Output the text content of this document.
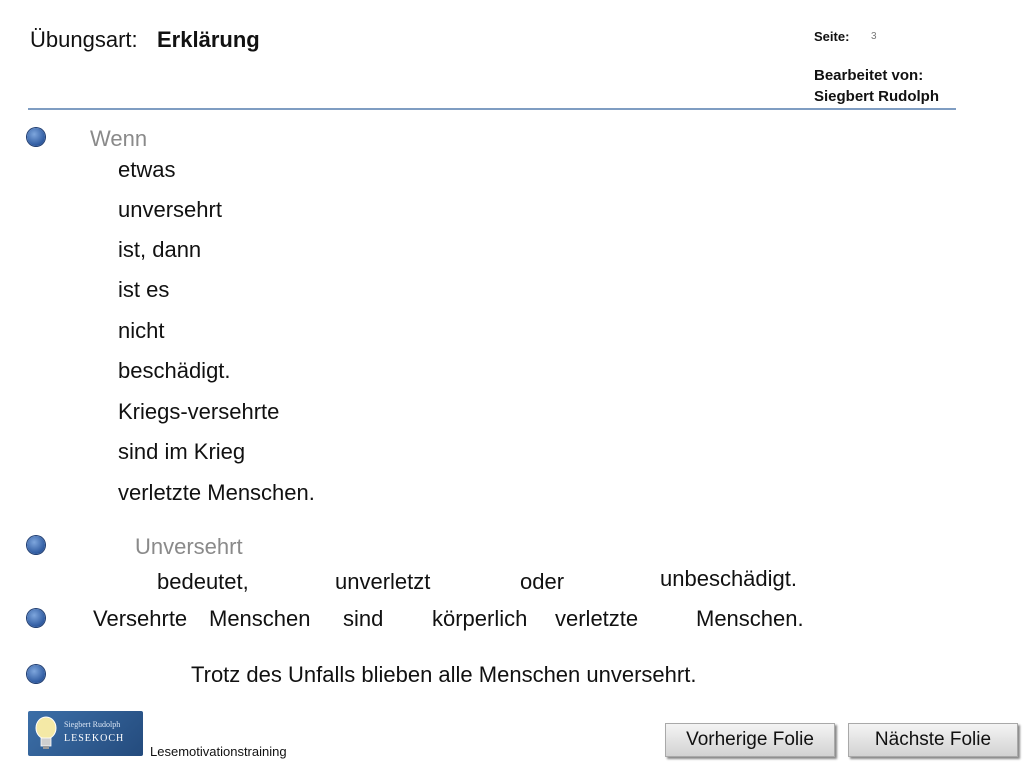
Übungsart: Erklärung	Seite: 3
Bearbeitet von:
Siegbert Rudolph
Wenn
etwas
unversehrt
ist, dann
ist es
nicht
beschädigt.
Kriegs-versehrte
sind im Krieg
verletzte Menschen.
Unversehrt
bedeutet,	unverletzt	oder	unbeschädigt.
Versehrte Menschen sind körperlich verletzte	Menschen.
Trotz des Unfalls blieben alle Menschen unversehrt.
Siegbert Rudolph
LESEKOCH
Lesemotivationstraining
Vorherige Folie	Nächste Folie
